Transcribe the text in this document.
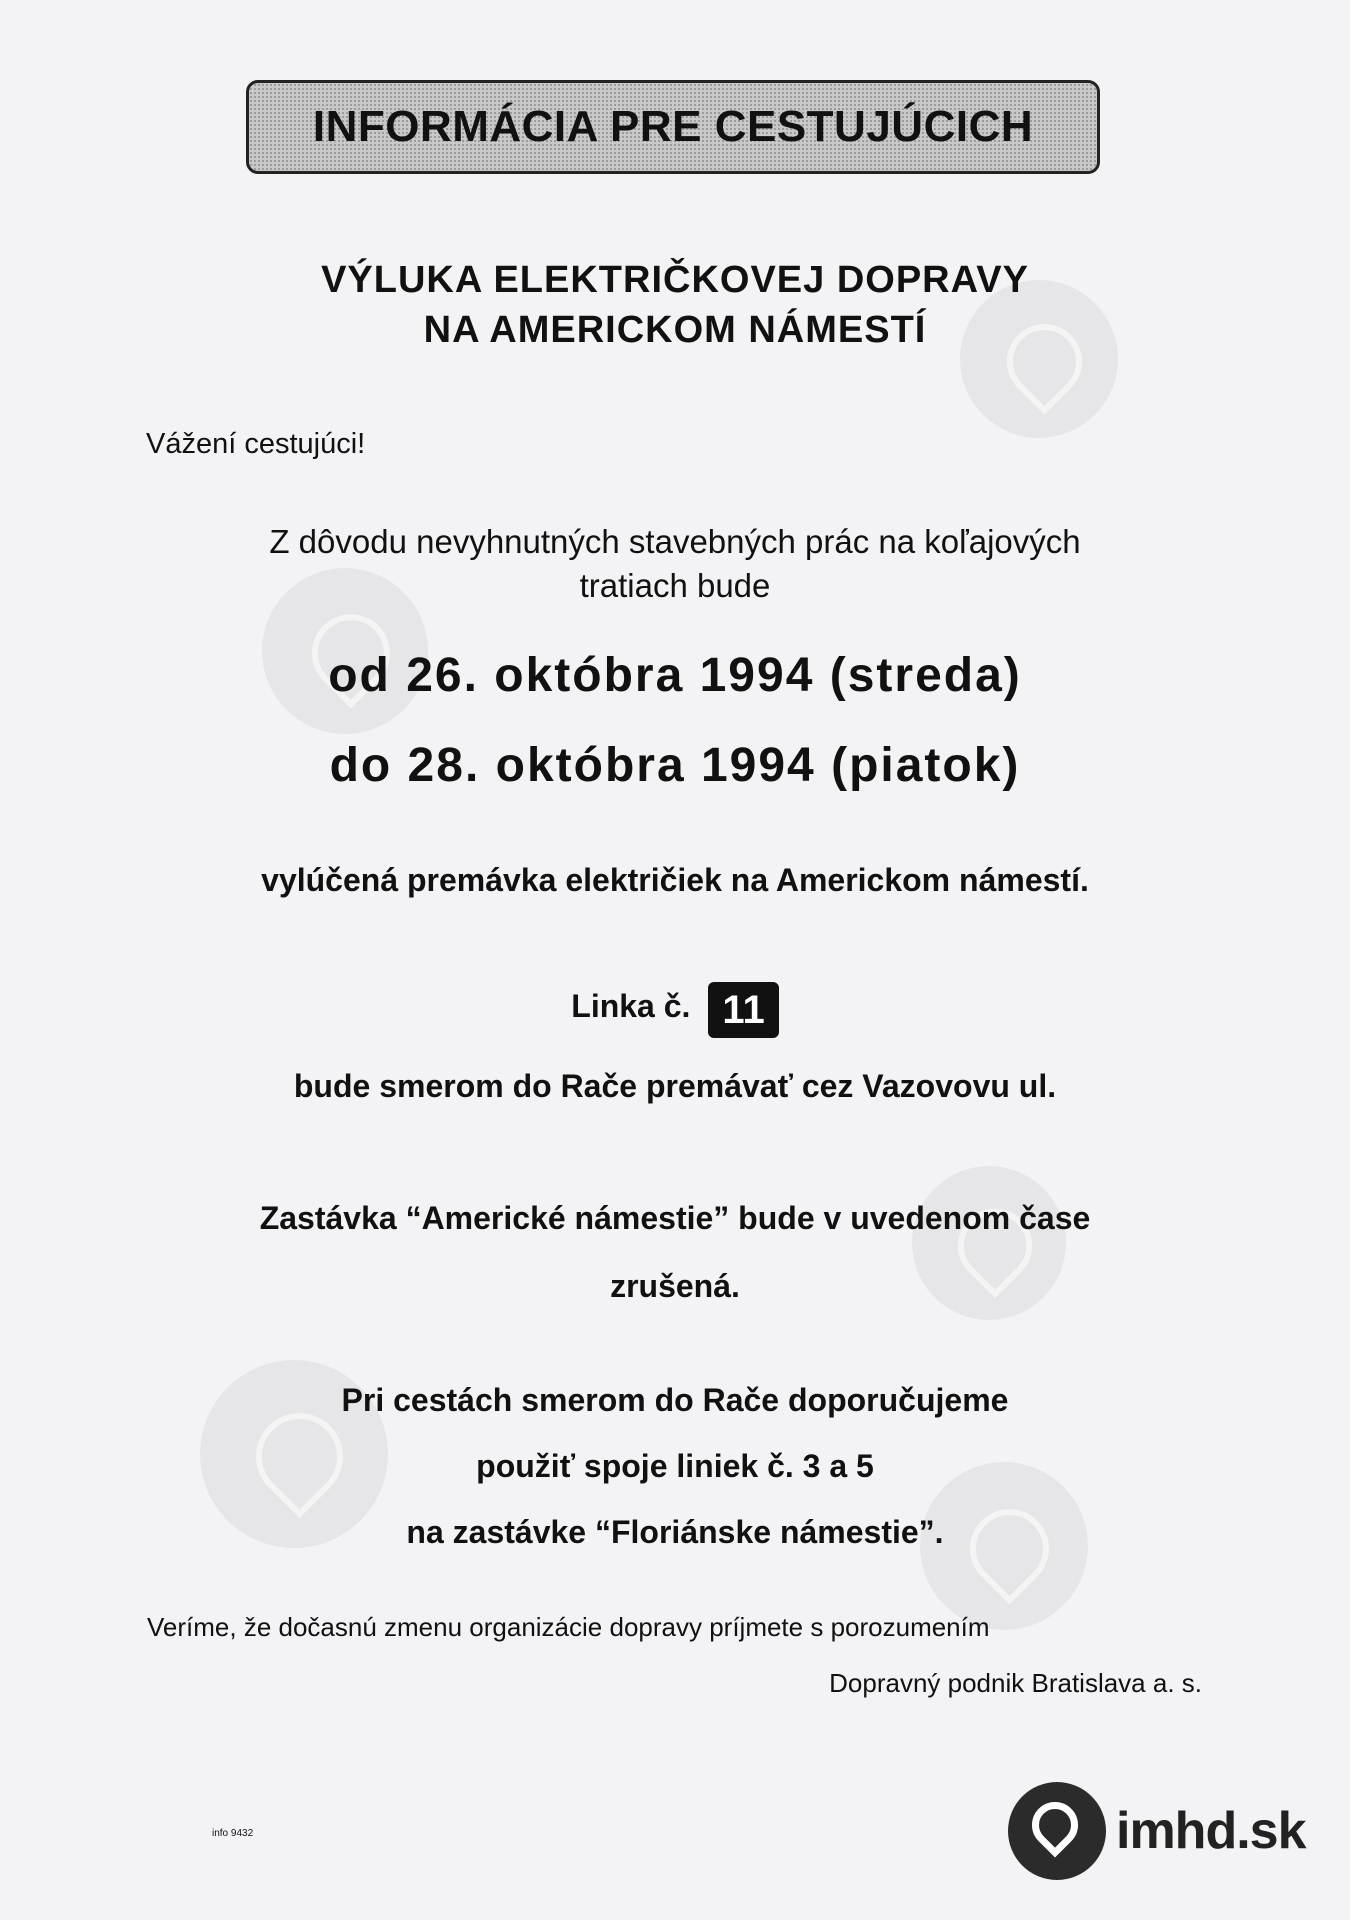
INFORMÁCIA PRE CESTUJÚCICH
VÝLUKA ELEKTRIČKOVEJ DOPRAVY
NA AMERICKOM NÁMESTÍ
Vážení cestujúci!
Z dôvodu nevyhnutných stavebných prác na koľajových
tratiach bude
od 26. októbra 1994 (streda)
do 28. októbra 1994 (piatok)
vylúčená premávka električiek na Americkom námestí.
Linka č. 11
bude smerom do Rače premávať cez Vazovovu ul.
Zastávka “Americké námestie” bude v uvedenom čase
zrušená.
Pri cestách smerom do Rače doporučujeme
použiť spoje liniek č. 3 a 5
na zastávke “Floriánske námestie”.
Veríme, že dočasnú zmenu organizácie dopravy príjmete s porozumením
Dopravný podnik Bratislava a. s.
info 9432	imhd.sk
